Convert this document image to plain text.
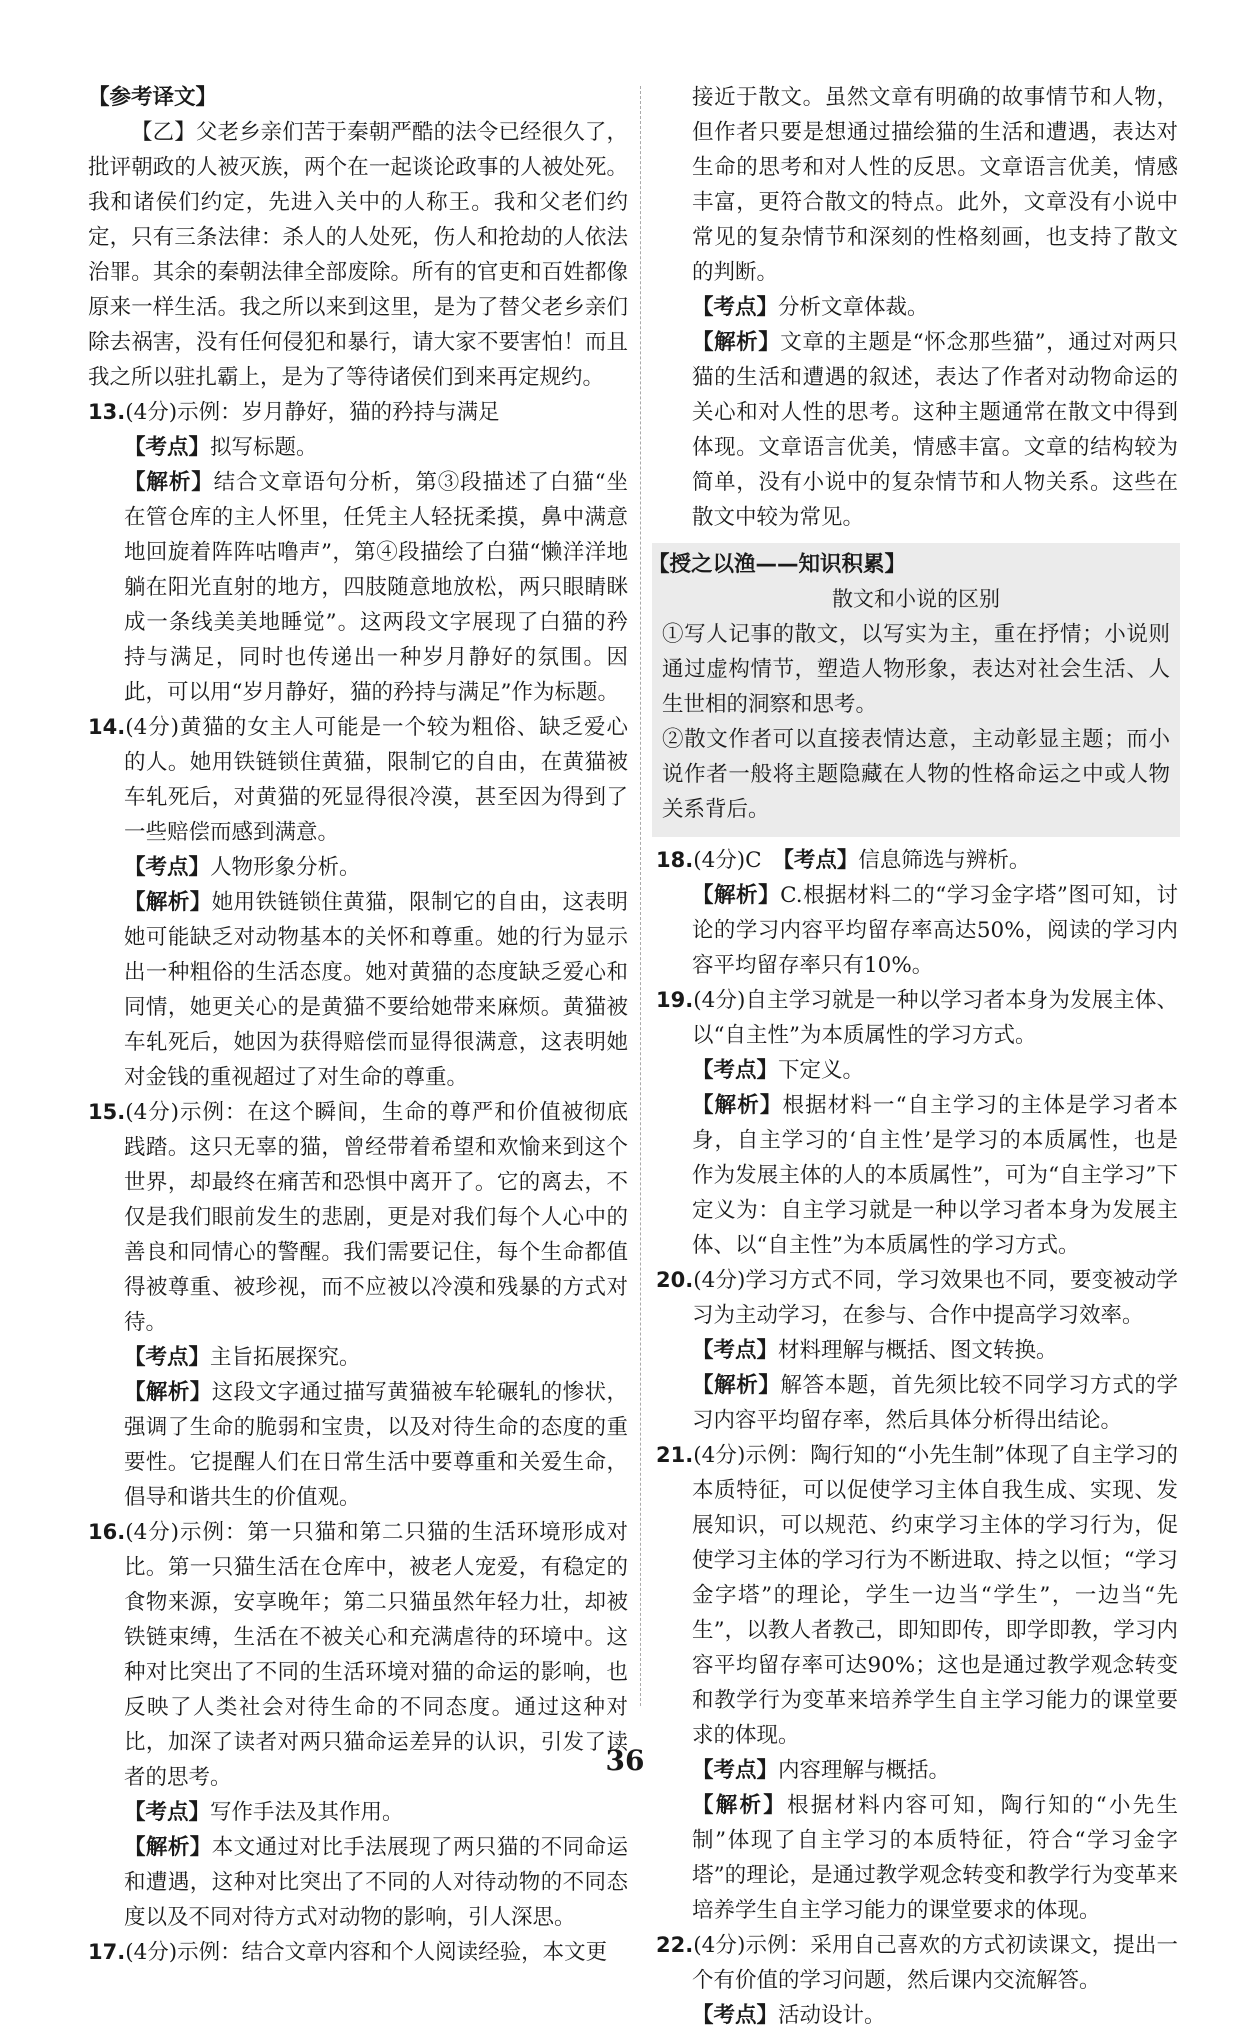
【参考译文】

【乙】父老乡亲们苦于秦朝严酷的法令已经很久了，批评朝政的人被灭族，两个在一起谈论政事的人被处死。我和诸侯们约定，先进入关中的人称王。我和父老们约定，只有三条法律：杀人的人处死，伤人和抢劫的人依法治罪。其余的秦朝法律全部废除。所有的官吏和百姓都像原来一样生活。我之所以来到这里，是为了替父老乡亲们除去祸害，没有任何侵犯和暴行，请大家不要害怕！而且我之所以驻扎霸上，是为了等待诸侯们到来再定规约。

13.(4分)示例：岁月静好，猫的矜持与满足

【考点】拟写标题。

【解析】结合文章语句分析，第③段描述了白猫“坐在管仓库的主人怀里，任凭主人轻抚柔摸，鼻中满意地回旋着阵阵咕噜声”，第④段描绘了白猫“懒洋洋地躺在阳光直射的地方，四肢随意地放松，两只眼睛眯成一条线美美地睡觉”。这两段文字展现了白猫的矜持与满足，同时也传递出一种岁月静好的氛围。因此，可以用“岁月静好，猫的矜持与满足”作为标题。

14.(4分)黄猫的女主人可能是一个较为粗俗、缺乏爱心的人。她用铁链锁住黄猫，限制它的自由，在黄猫被车轧死后，对黄猫的死显得很冷漠，甚至因为得到了一些赔偿而感到满意。

【考点】人物形象分析。

【解析】她用铁链锁住黄猫，限制它的自由，这表明她可能缺乏对动物基本的关怀和尊重。她的行为显示出一种粗俗的生活态度。她对黄猫的态度缺乏爱心和同情，她更关心的是黄猫不要给她带来麻烦。黄猫被车轧死后，她因为获得赔偿而显得很满意，这表明她对金钱的重视超过了对生命的尊重。

15.(4分)示例：在这个瞬间，生命的尊严和价值被彻底践踏。这只无辜的猫，曾经带着希望和欢愉来到这个世界，却最终在痛苦和恐惧中离开了。它的离去，不仅是我们眼前发生的悲剧，更是对我们每个人心中的善良和同情心的警醒。我们需要记住，每个生命都值得被尊重、被珍视，而不应被以冷漠和残暴的方式对待。

【考点】主旨拓展探究。

【解析】这段文字通过描写黄猫被车轮碾轧的惨状，强调了生命的脆弱和宝贵，以及对待生命的态度的重要性。它提醒人们在日常生活中要尊重和关爱生命，倡导和谐共生的价值观。

16.(4分)示例：第一只猫和第二只猫的生活环境形成对比。第一只猫生活在仓库中，被老人宠爱，有稳定的食物来源，安享晚年；第二只猫虽然年轻力壮，却被铁链束缚，生活在不被关心和充满虐待的环境中。这种对比突出了不同的生活环境对猫的命运的影响，也反映了人类社会对待生命的不同态度。通过这种对比，加深了读者对两只猫命运差异的认识，引发了读者的思考。

【考点】写作手法及其作用。

【解析】本文通过对比手法展现了两只猫的不同命运和遭遇，这种对比突出了不同的人对待动物的不同态度以及不同对待方式对动物的影响，引人深思。

17.(4分)示例：结合文章内容和个人阅读经验，本文更

接近于散文。虽然文章有明确的故事情节和人物，但作者只要是想通过描绘猫的生活和遭遇，表达对生命的思考和对人性的反思。文章语言优美，情感丰富，更符合散文的特点。此外，文章没有小说中常见的复杂情节和深刻的性格刻画，也支持了散文的判断。

【考点】分析文章体裁。

【解析】文章的主题是“怀念那些猫”，通过对两只猫的生活和遭遇的叙述，表达了作者对动物命运的关心和对人性的思考。这种主题通常在散文中得到体现。文章语言优美，情感丰富。文章的结构较为简单，没有小说中的复杂情节和人物关系。这些在散文中较为常见。

【授之以渔——知识积累】

散文和小说的区别

①写人记事的散文，以写实为主，重在抒情；小说则通过虚构情节，塑造人物形象，表达对社会生活、人生世相的洞察和思考。

②散文作者可以直接表情达意，主动彰显主题；而小说作者一般将主题隐藏在人物的性格命运之中或人物关系背后。

18.(4分)C　【考点】信息筛选与辨析。

【解析】C.根据材料二的“学习金字塔”图可知，讨论的学习内容平均留存率高达50%，阅读的学习内容平均留存率只有10%。

19.(4分)自主学习就是一种以学习者本身为发展主体、以“自主性”为本质属性的学习方式。

【考点】下定义。

【解析】根据材料一“自主学习的主体是学习者本身，自主学习的‘自主性’是学习的本质属性，也是作为发展主体的人的本质属性”，可为“自主学习”下定义为：自主学习就是一种以学习者本身为发展主体、以“自主性”为本质属性的学习方式。

20.(4分)学习方式不同，学习效果也不同，要变被动学习为主动学习，在参与、合作中提高学习效率。

【考点】材料理解与概括、图文转换。

【解析】解答本题，首先须比较不同学习方式的学习内容平均留存率，然后具体分析得出结论。

21.(4分)示例：陶行知的“小先生制”体现了自主学习的本质特征，可以促使学习主体自我生成、实现、发展知识，可以规范、约束学习主体的学习行为，促使学习主体的学习行为不断进取、持之以恒；“学习金字塔”的理论，学生一边当“学生”，一边当“先生”，以教人者教己，即知即传，即学即教，学习内容平均留存率可达90%；这也是通过教学观念转变和教学行为变革来培养学生自主学习能力的课堂要求的体现。

【考点】内容理解与概括。

【解析】根据材料内容可知，陶行知的“小先生制”体现了自主学习的本质特征，符合“学习金字塔”的理论，是通过教学观念转变和教学行为变革来培养学生自主学习能力的课堂要求的体现。

22.(4分)示例：采用自己喜欢的方式初读课文，提出一个有价值的学习问题，然后课内交流解答。

【考点】活动设计。

36
